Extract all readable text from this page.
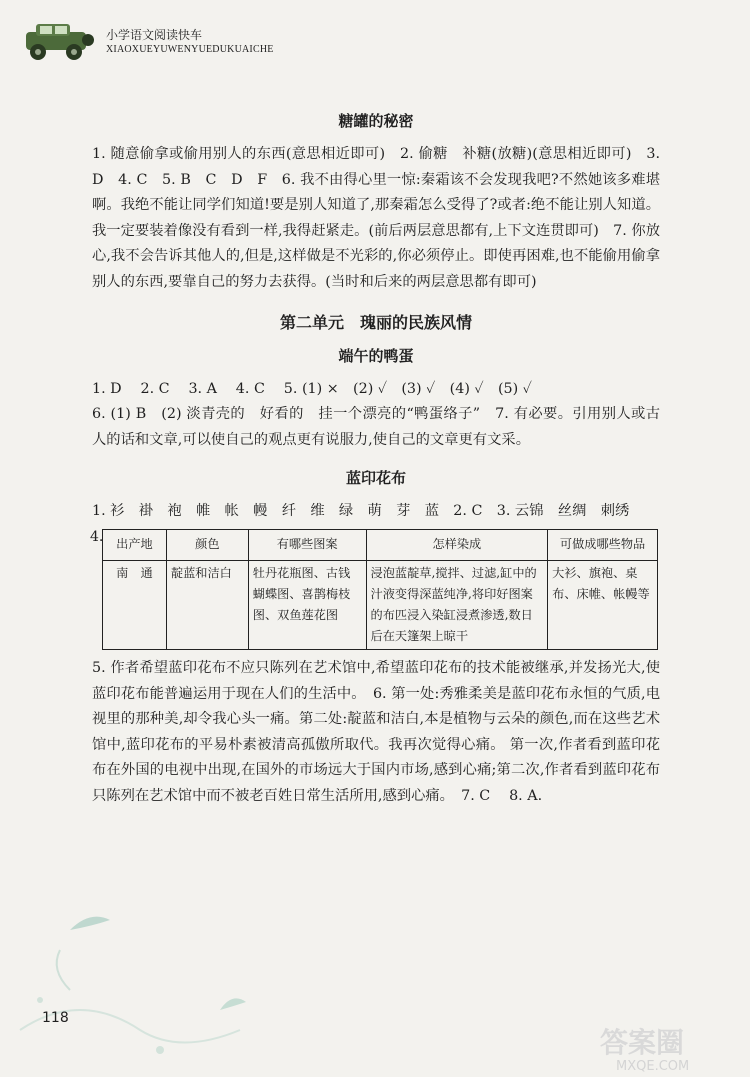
小学语文阅读快车
XIAOXUEYUWENYUEDUKUAICHE
糖罐的秘密

1. 随意偷拿或偷用别人的东西(意思相近即可)　2. 偷糖　补糖(放糖)(意思相近即可)　3. D　4. C　5. B　C　D　F　6. 我不由得心里一惊:秦霜该不会发现我吧?不然她该多难堪啊。我绝不能让同学们知道!要是别人知道了,那秦霜怎么受得了?或者:绝不能让别人知道。我一定要装着像没有看到一样,我得赶紧走。(前后两层意思都有,上下文连贯即可)　7. 你放心,我不会告诉其他人的,但是,这样做是不光彩的,你必须停止。即使再困难,也不能偷用偷拿别人的东西,要靠自己的努力去获得。(当时和后来的两层意思都有即可)

第二单元　瑰丽的民族风情
端午的鸭蛋

1. D　 2. C　 3. A　 4. C　 5. (1) ×　(2) ✓　(3) ✓　(4) ✓　(5) ✓

6. (1) B　(2) 淡青壳的　好看的　挂一个漂亮的“鸭蛋络子”　7. 有必要。引用别人或古人的话和文章,可以使自己的观点更有说服力,使自己的文章更有文采。

蓝印花布

1. 衫　褂　袍　帷　帐　幔　纤　维　绿　萌　芽　蓝　2. C　3. 云锦　丝绸　刺绣

4. 出产地	颜色	有哪些图案	怎样染成	可做成哪些物品
南　通	靛蓝和洁白	牡丹花瓶图、古钱蝴蝶图、喜鹊梅枝图、双鱼莲花图	浸泡蓝靛草,搅拌、过滤,缸中的汁液变得深蓝纯净,将印好图案的布匹浸入染缸浸煮渗透,数日后在天篷架上晾干	大衫、旗袍、桌布、床帷、帐幔等

5. 作者希望蓝印花布不应只陈列在艺术馆中,希望蓝印花布的技术能被继承,并发扬光大,使蓝印花布能普遍运用于现在人们的生活中。　6. 第一处:秀雅柔美是蓝印花布永恒的气质,电视里的那种美,却令我心头一痛。第二处:靛蓝和洁白,本是植物与云朵的颜色,而在这些艺术馆中,蓝印花布的平易朴素被清高孤傲所取代。我再次觉得心痛。 第一次,作者看到蓝印花布在外国的电视中出现,在国外的市场远大于国内市场,感到心痛;第二次,作者看到蓝印花布只陈列在艺术馆中而不被老百姓日常生活所用,感到心痛。　7. C　 8. A.

118
答案圈
MXQE.COM
